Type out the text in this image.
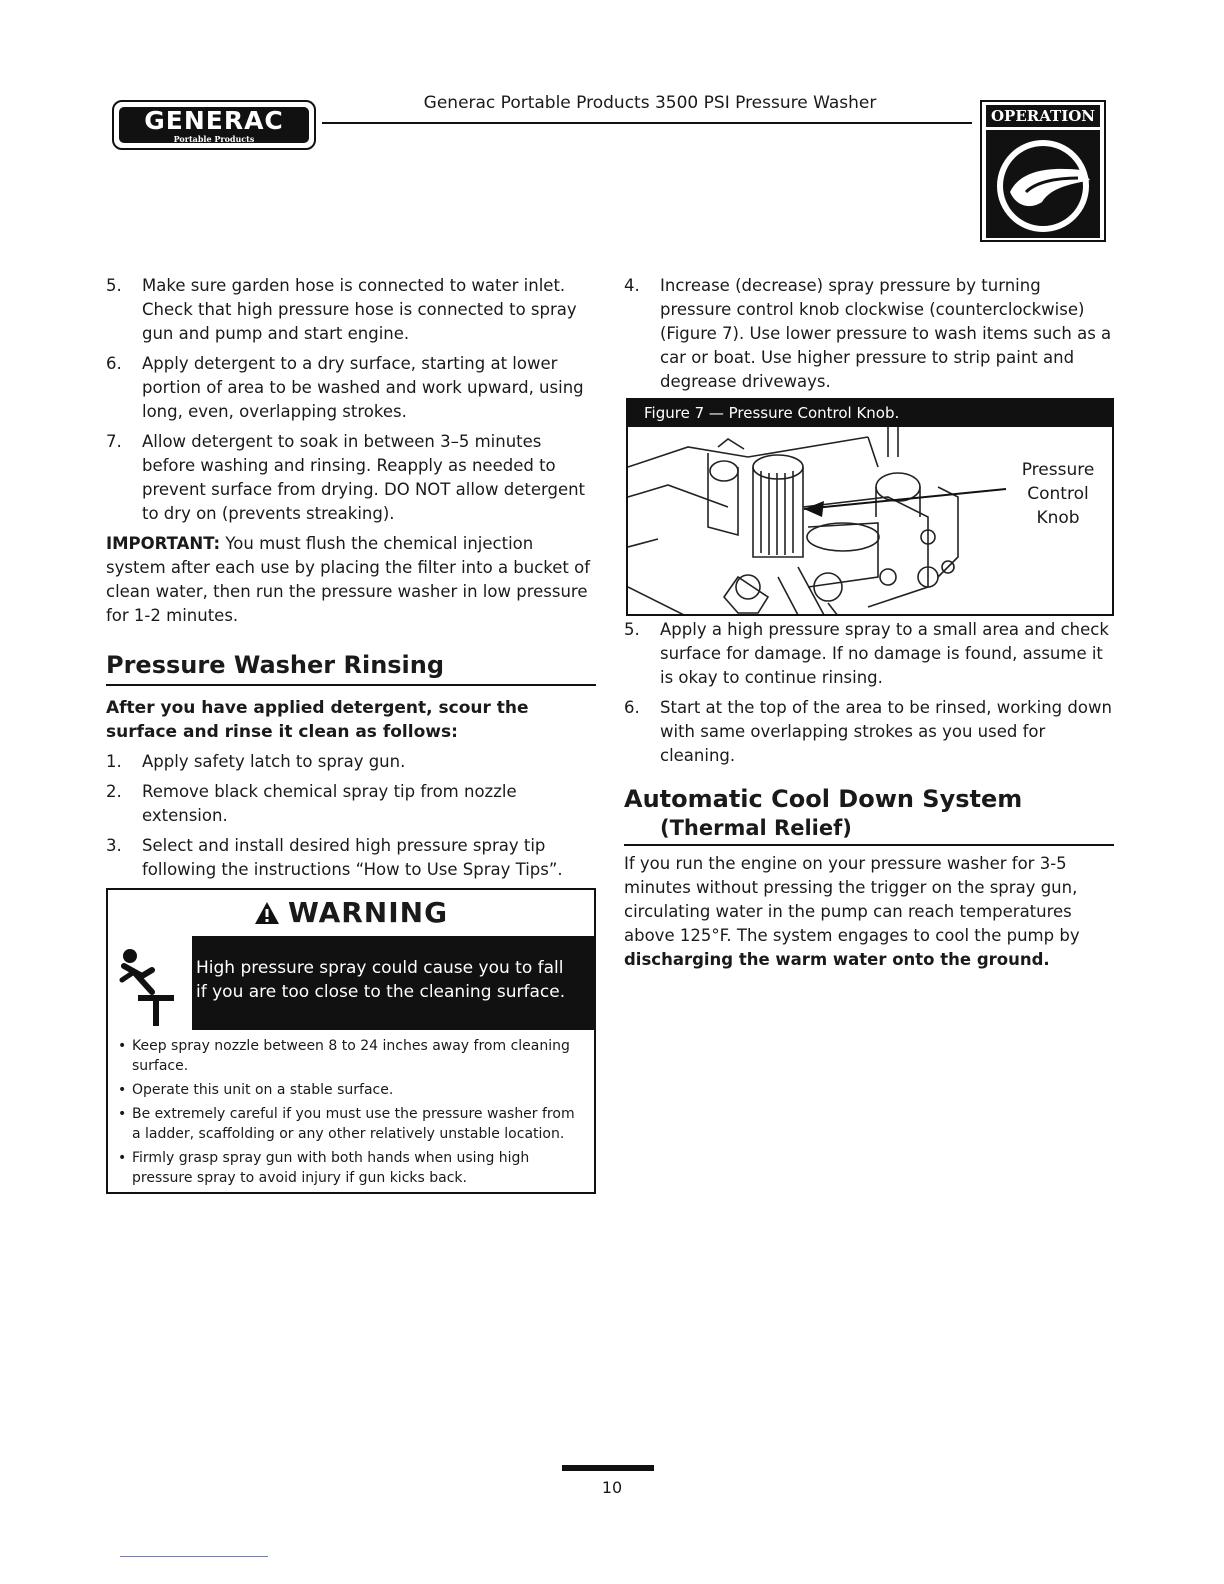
GENERAC
Portable Products
Generac Portable Products 3500 PSI Pressure Washer
OPERATION
5. Make sure garden hose is connected to water inlet. Check that high pressure hose is connected to spray gun and pump and start engine.

6. Apply detergent to a dry surface, starting at lower portion of area to be washed and work upward, using long, even, overlapping strokes.

7. Allow detergent to soak in between 3–5 minutes before washing and rinsing. Reapply as needed to prevent surface from drying. DO NOT allow detergent to dry on (prevents streaking).

IMPORTANT: You must flush the chemical injection system after each use by placing the filter into a bucket of clean water, then run the pressure washer in low pressure for 1-2 minutes.

Pressure Washer Rinsing

After you have applied detergent, scour the surface and rinse it clean as follows:

1. Apply safety latch to spray gun.

2. Remove black chemical spray tip from nozzle extension.

3. Select and install desired high pressure spray tip following the instructions “How to Use Spray Tips”.

WARNING

High pressure spray could cause you to fall if you are too close to the cleaning surface.

• Keep spray nozzle between 8 to 24 inches away from cleaning surface.
• Operate this unit on a stable surface.
• Be extremely careful if you must use the pressure washer from a ladder, scaffolding or any other relatively unstable location.
• Firmly grasp spray gun with both hands when using high pressure spray to avoid injury if gun kicks back.
4. Increase (decrease) spray pressure by turning pressure control knob clockwise (counterclockwise) (Figure 7). Use lower pressure to wash items such as a car or boat. Use higher pressure to strip paint and degrease driveways.

Figure 7 — Pressure Control Knob.
Pressure
Control
Knob
5. Apply a high pressure spray to a small area and check surface for damage. If no damage is found, assume it is okay to continue rinsing.

6. Start at the top of the area to be rinsed, working down with same overlapping strokes as you used for cleaning.

Automatic Cool Down System
(Thermal Relief)

If you run the engine on your pressure washer for 3-5 minutes without pressing the trigger on the spray gun, circulating water in the pump can reach temperatures above 125°F. The system engages to cool the pump by discharging the warm water onto the ground.

10
